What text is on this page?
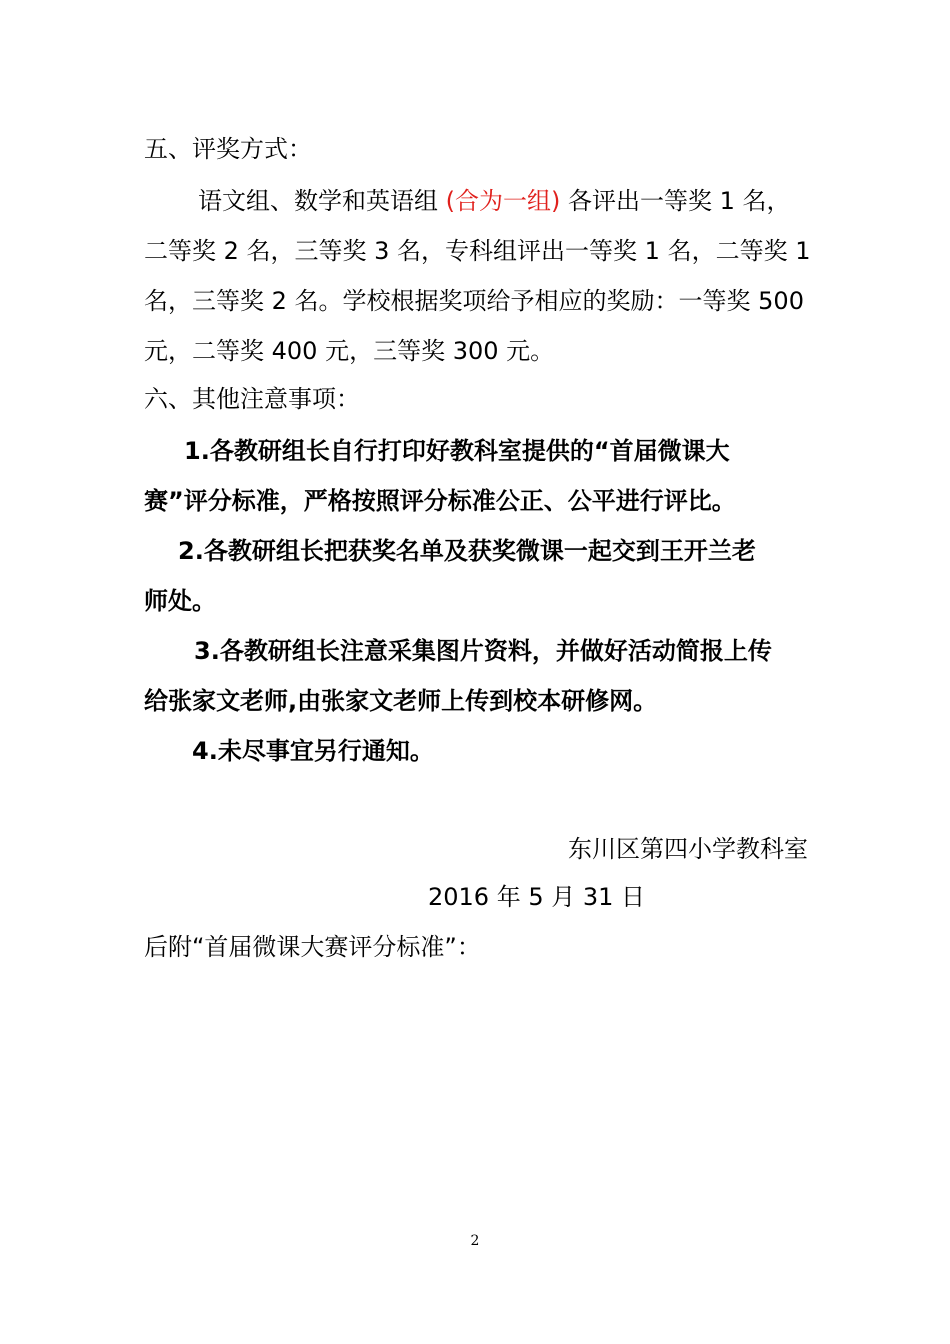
五、评奖方式：
语文组、数学和英语组 (合为一组) 各评出一等奖 1 名，
二等奖 2 名，三等奖 3 名，专科组评出一等奖 1 名，二等奖 1
名，三等奖 2 名。学校根据奖项给予相应的奖励：一等奖 500
元，二等奖 400 元，三等奖 300 元。
六、其他注意事项：
1.各教研组长自行打印好教科室提供的“首届微课大
赛”评分标准，严格按照评分标准公正、公平进行评比。
2.各教研组长把获奖名单及获奖微课一起交到王开兰老
师处。
3.各教研组长注意采集图片资料，并做好活动简报上传
给张家文老师,由张家文老师上传到校本研修网。
4.未尽事宜另行通知。
东川区第四小学教科室
2016 年 5 月 31 日
后附“首届微课大赛评分标准”：
2
